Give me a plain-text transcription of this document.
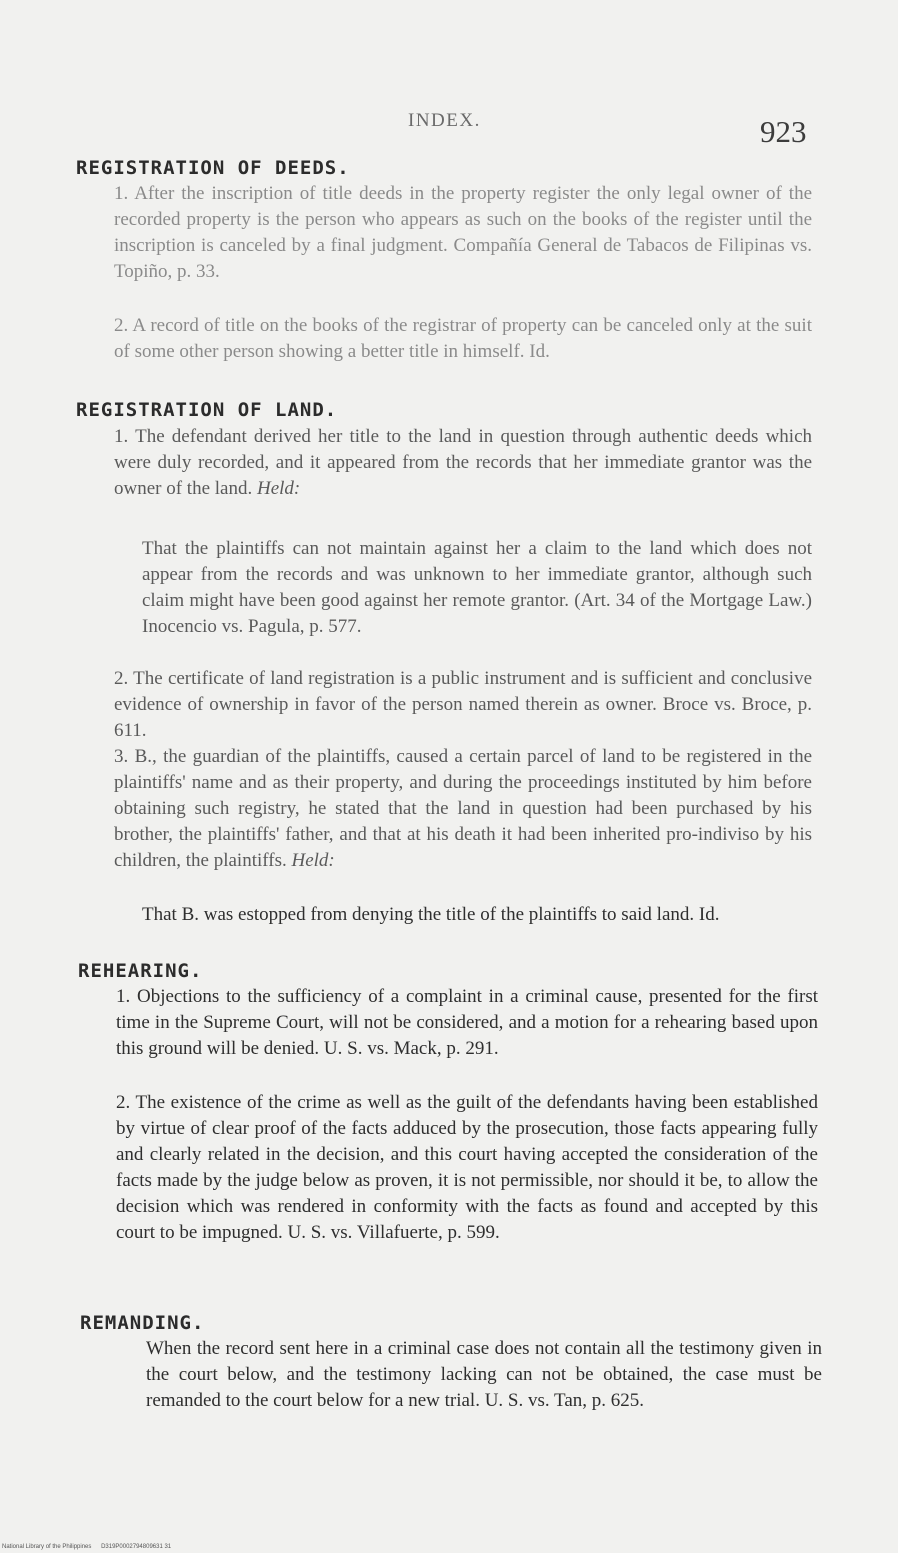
INDEX.	923
REGISTRATION OF DEEDS.
1. After the inscription of title deeds in the property register the only legal owner of the recorded property is the person who appears as such on the books of the register until the inscription is canceled by a final judgment. Compañía General de Tabacos de Filipinas vs. Topiño, p. 33.
2. A record of title on the books of the registrar of property can be canceled only at the suit of some other person showing a better title in himself. Id.
REGISTRATION OF LAND.
1. The defendant derived her title to the land in question through authentic deeds which were duly recorded, and it appeared from the records that her immediate grantor was the owner of the land. Held:
That the plaintiffs can not maintain against her a claim to the land which does not appear from the records and was unknown to her immediate grantor, although such claim might have been good against her remote grantor. (Art. 34 of the Mortgage Law.) Inocencio vs. Pagula, p. 577.
2. The certificate of land registration is a public instrument and is sufficient and conclusive evidence of ownership in favor of the person named therein as owner. Broce vs. Broce, p. 611.
3. B., the guardian of the plaintiffs, caused a certain parcel of land to be registered in the plaintiffs' name and as their property, and during the proceedings instituted by him before obtaining such registry, he stated that the land in question had been purchased by his brother, the plaintiffs' father, and that at his death it had been inherited pro-indiviso by his children, the plaintiffs. Held:
That B. was estopped from denying the title of the plaintiffs to said land. Id.
REHEARING.
1. Objections to the sufficiency of a complaint in a criminal cause, presented for the first time in the Supreme Court, will not be considered, and a motion for a rehearing based upon this ground will be denied. U. S. vs. Mack, p. 291.
2. The existence of the crime as well as the guilt of the defendants having been established by virtue of clear proof of the facts adduced by the prosecution, those facts appearing fully and clearly related in the decision, and this court having accepted the consideration of the facts made by the judge below as proven, it is not permissible, nor should it be, to allow the decision which was rendered in conformity with the facts as found and accepted by this court to be impugned. U. S. vs. Villafuerte, p. 599.
REMANDING.
When the record sent here in a criminal case does not contain all the testimony given in the court below, and the testimony lacking can not be obtained, the case must be remanded to the court below for a new trial. U. S. vs. Tan, p. 625.
National Library of the Philippines D319P0002794809631 31
